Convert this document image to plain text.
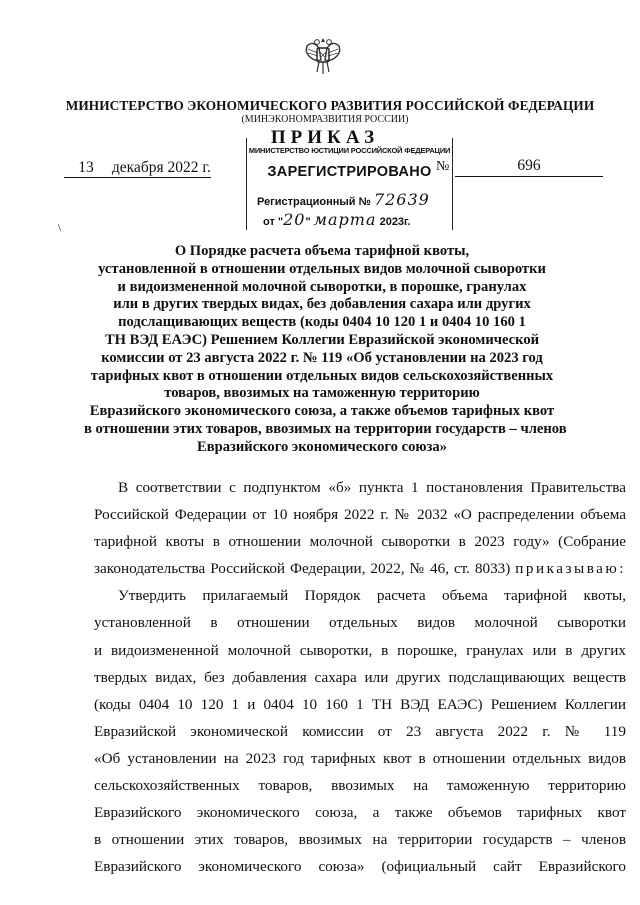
МИНИСТЕРСТВО ЭКОНОМИЧЕСКОГО РАЗВИТИЯ РОССИЙСКОЙ ФЕДЕРАЦИИ
(МИНЭКОНОМРАЗВИТИЯ РОССИИ)
ПРИКАЗ
13 декабря 2022 г.
МИНИСТЕРСТВО ЮСТИЦИИ РОССИЙСКОЙ ФЕДЕРАЦИИ
ЗАРЕГИСТРИРОВАНО
Регистрационный № 72639
от "20" марта 2023г.
№	696
\
О Порядке расчета объема тарифной квоты,
установленной в отношении отдельных видов молочной сыворотки
и видоизмененной молочной сыворотки, в порошке, гранулах
или в других твердых видах, без добавления сахара или других
подслащивающих веществ (коды 0404 10 120 1 и 0404 10 160 1
ТН ВЭД ЕАЭС) Решением Коллегии Евразийской экономической
комиссии от 23 августа 2022 г. № 119 «Об установлении на 2023 год
тарифных квот в отношении отдельных видов сельскохозяйственных
товаров, ввозимых на таможенную территорию
Евразийского экономического союза, а также объемов тарифных квот
в отношении этих товаров, ввозимых на территории государств – членов
Евразийского экономического союза»
В соответствии с подпунктом «б» пункта 1 постановления Правительства
Российской Федерации от 10 ноября 2022 г. № 2032 «О распределении объема
тарифной квоты в отношении молочной сыворотки в 2023 году» (Собрание
законодательства Российской Федерации, 2022, № 46, ст. 8033) приказываю:
Утвердить прилагаемый Порядок расчета объема тарифной квоты,
установленной в отношении отдельных видов молочной сыворотки
и видоизмененной молочной сыворотки, в порошке, гранулах или в других
твердых видах, без добавления сахара или других подслащивающих веществ
(коды 0404 10 120 1 и 0404 10 160 1 ТН ВЭД ЕАЭС) Решением Коллегии
Евразийской экономической комиссии от 23 августа 2022 г. № 119
«Об установлении на 2023 год тарифных квот в отношении отдельных видов
сельскохозяйственных товаров, ввозимых на таможенную территорию
Евразийского экономического союза, а также объемов тарифных квот
в отношении этих товаров, ввозимых на территории государств – членов
Евразийского экономического союза» (официальный сайт Евразийского
